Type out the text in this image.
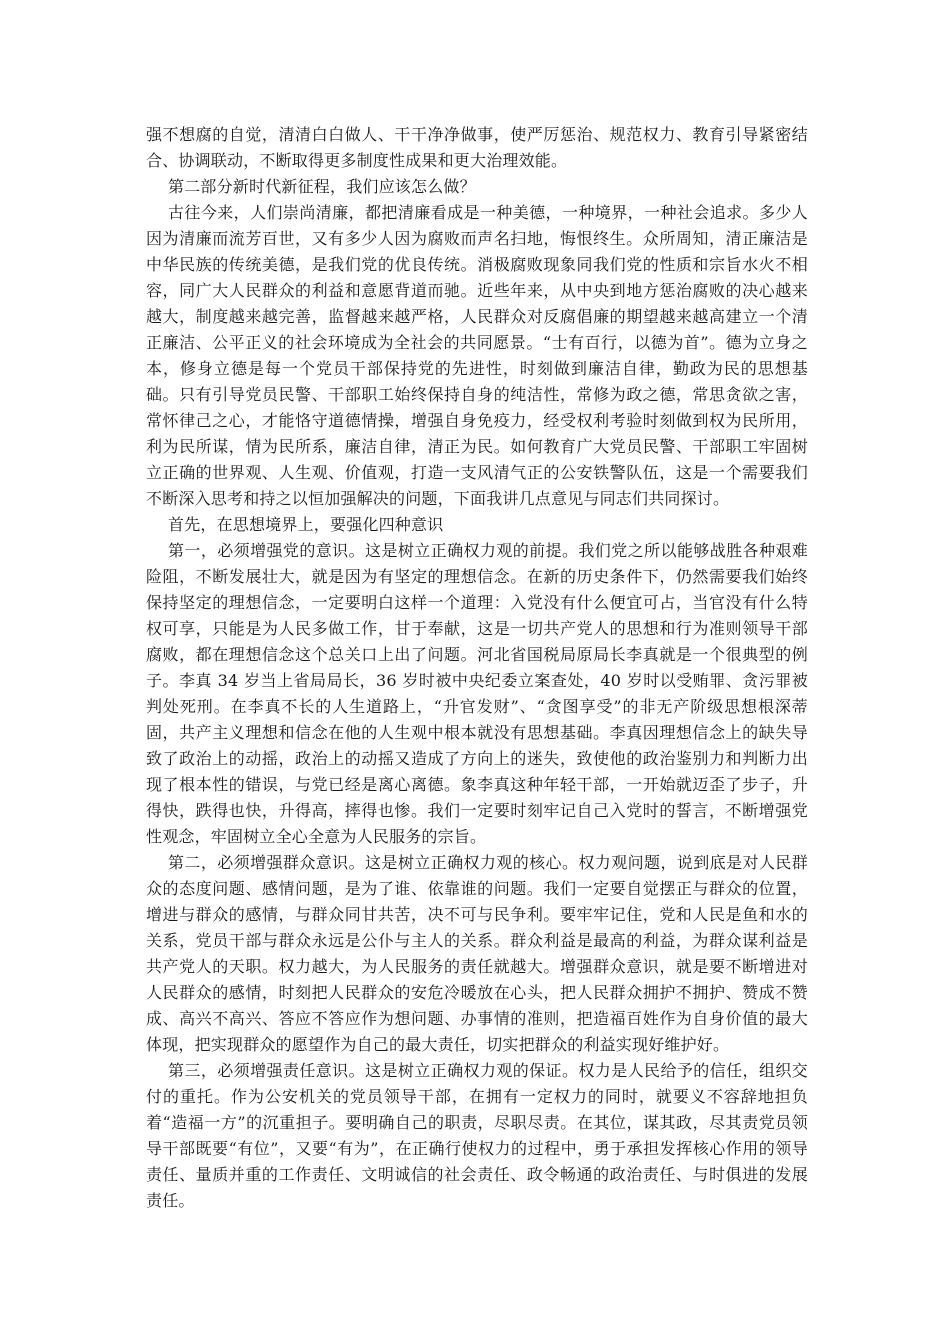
强不想腐的自觉，清清白白做人、干干净净做事，使严厉惩治、规范权力、教育引导紧密结合、协调联动，不断取得更多制度性成果和更大治理效能。

第二部分新时代新征程，我们应该怎么做？

古往今来，人们崇尚清廉，都把清廉看成是一种美德，一种境界，一种社会追求。多少人因为清廉而流芳百世，又有多少人因为腐败而声名扫地，悔恨终生。众所周知，清正廉洁是中华民族的传统美德，是我们党的优良传统。消极腐败现象同我们党的性质和宗旨水火不相容，同广大人民群众的利益和意愿背道而驰。近些年来，从中央到地方惩治腐败的决心越来越大，制度越来越完善，监督越来越严格，人民群众对反腐倡廉的期望越来越高建立一个清正廉洁、公平正义的社会环境成为全社会的共同愿景。“士有百行，以德为首”。德为立身之本，修身立德是每一个党员干部保持党的先进性，时刻做到廉洁自律，勤政为民的思想基础。只有引导党员民警、干部职工始终保持自身的纯洁性，常修为政之德，常思贪欲之害，常怀律己之心，才能恪守道德情操，增强自身免疫力，经受权利考验时刻做到权为民所用，利为民所谋，情为民所系，廉洁自律，清正为民。如何教育广大党员民警、干部职工牢固树立正确的世界观、人生观、价值观，打造一支风清气正的公安铁警队伍，这是一个需要我们不断深入思考和持之以恒加强解决的问题，下面我讲几点意见与同志们共同探讨。

首先，在思想境界上，要强化四种意识

第一，必须增强党的意识。这是树立正确权力观的前提。我们党之所以能够战胜各种艰难险阻，不断发展壮大，就是因为有坚定的理想信念。在新的历史条件下，仍然需要我们始终保持坚定的理想信念，一定要明白这样一个道理：入党没有什么便宜可占，当官没有什么特权可享，只能是为人民多做工作，甘于奉献，这是一切共产党人的思想和行为准则领导干部腐败，都在理想信念这个总关口上出了问题。河北省国税局原局长李真就是一个很典型的例子。李真 34 岁当上省局局长，36 岁时被中央纪委立案查处，40 岁时以受贿罪、贪污罪被判处死刑。在李真不长的人生道路上，“升官发财”、“贪图享受”的非无产阶级思想根深蒂固，共产主义理想和信念在他的人生观中根本就没有思想基础。李真因理想信念上的缺失导致了政治上的动摇，政治上的动摇又造成了方向上的迷失，致使他的政治鉴别力和判断力出现了根本性的错误，与党已经是离心离德。象李真这种年轻干部，一开始就迈歪了步子，升得快，跌得也快，升得高，摔得也惨。我们一定要时刻牢记自己入党时的誓言，不断增强党性观念，牢固树立全心全意为人民服务的宗旨。

第二，必须增强群众意识。这是树立正确权力观的核心。权力观问题，说到底是对人民群众的态度问题、感情问题，是为了谁、依靠谁的问题。我们一定要自觉摆正与群众的位置，增进与群众的感情，与群众同甘共苦，决不可与民争利。要牢牢记住，党和人民是鱼和水的关系，党员干部与群众永远是公仆与主人的关系。群众利益是最高的利益，为群众谋利益是共产党人的天职。权力越大，为人民服务的责任就越大。增强群众意识，就是要不断增进对人民群众的感情，时刻把人民群众的安危冷暖放在心头，把人民群众拥护不拥护、赞成不赞成、高兴不高兴、答应不答应作为想问题、办事情的准则，把造福百姓作为自身价值的最大体现，把实现群众的愿望作为自己的最大责任，切实把群众的利益实现好维护好。

第三，必须增强责任意识。这是树立正确权力观的保证。权力是人民给予的信任，组织交付的重托。作为公安机关的党员领导干部，在拥有一定权力的同时，就要义不容辞地担负着“造福一方”的沉重担子。要明确自己的职责，尽职尽责。在其位，谋其政，尽其责党员领导干部既要“有位”，又要“有为”，在正确行使权力的过程中，勇于承担发挥核心作用的领导责任、量质并重的工作责任、文明诚信的社会责任、政令畅通的政治责任、与时俱进的发展责任。
